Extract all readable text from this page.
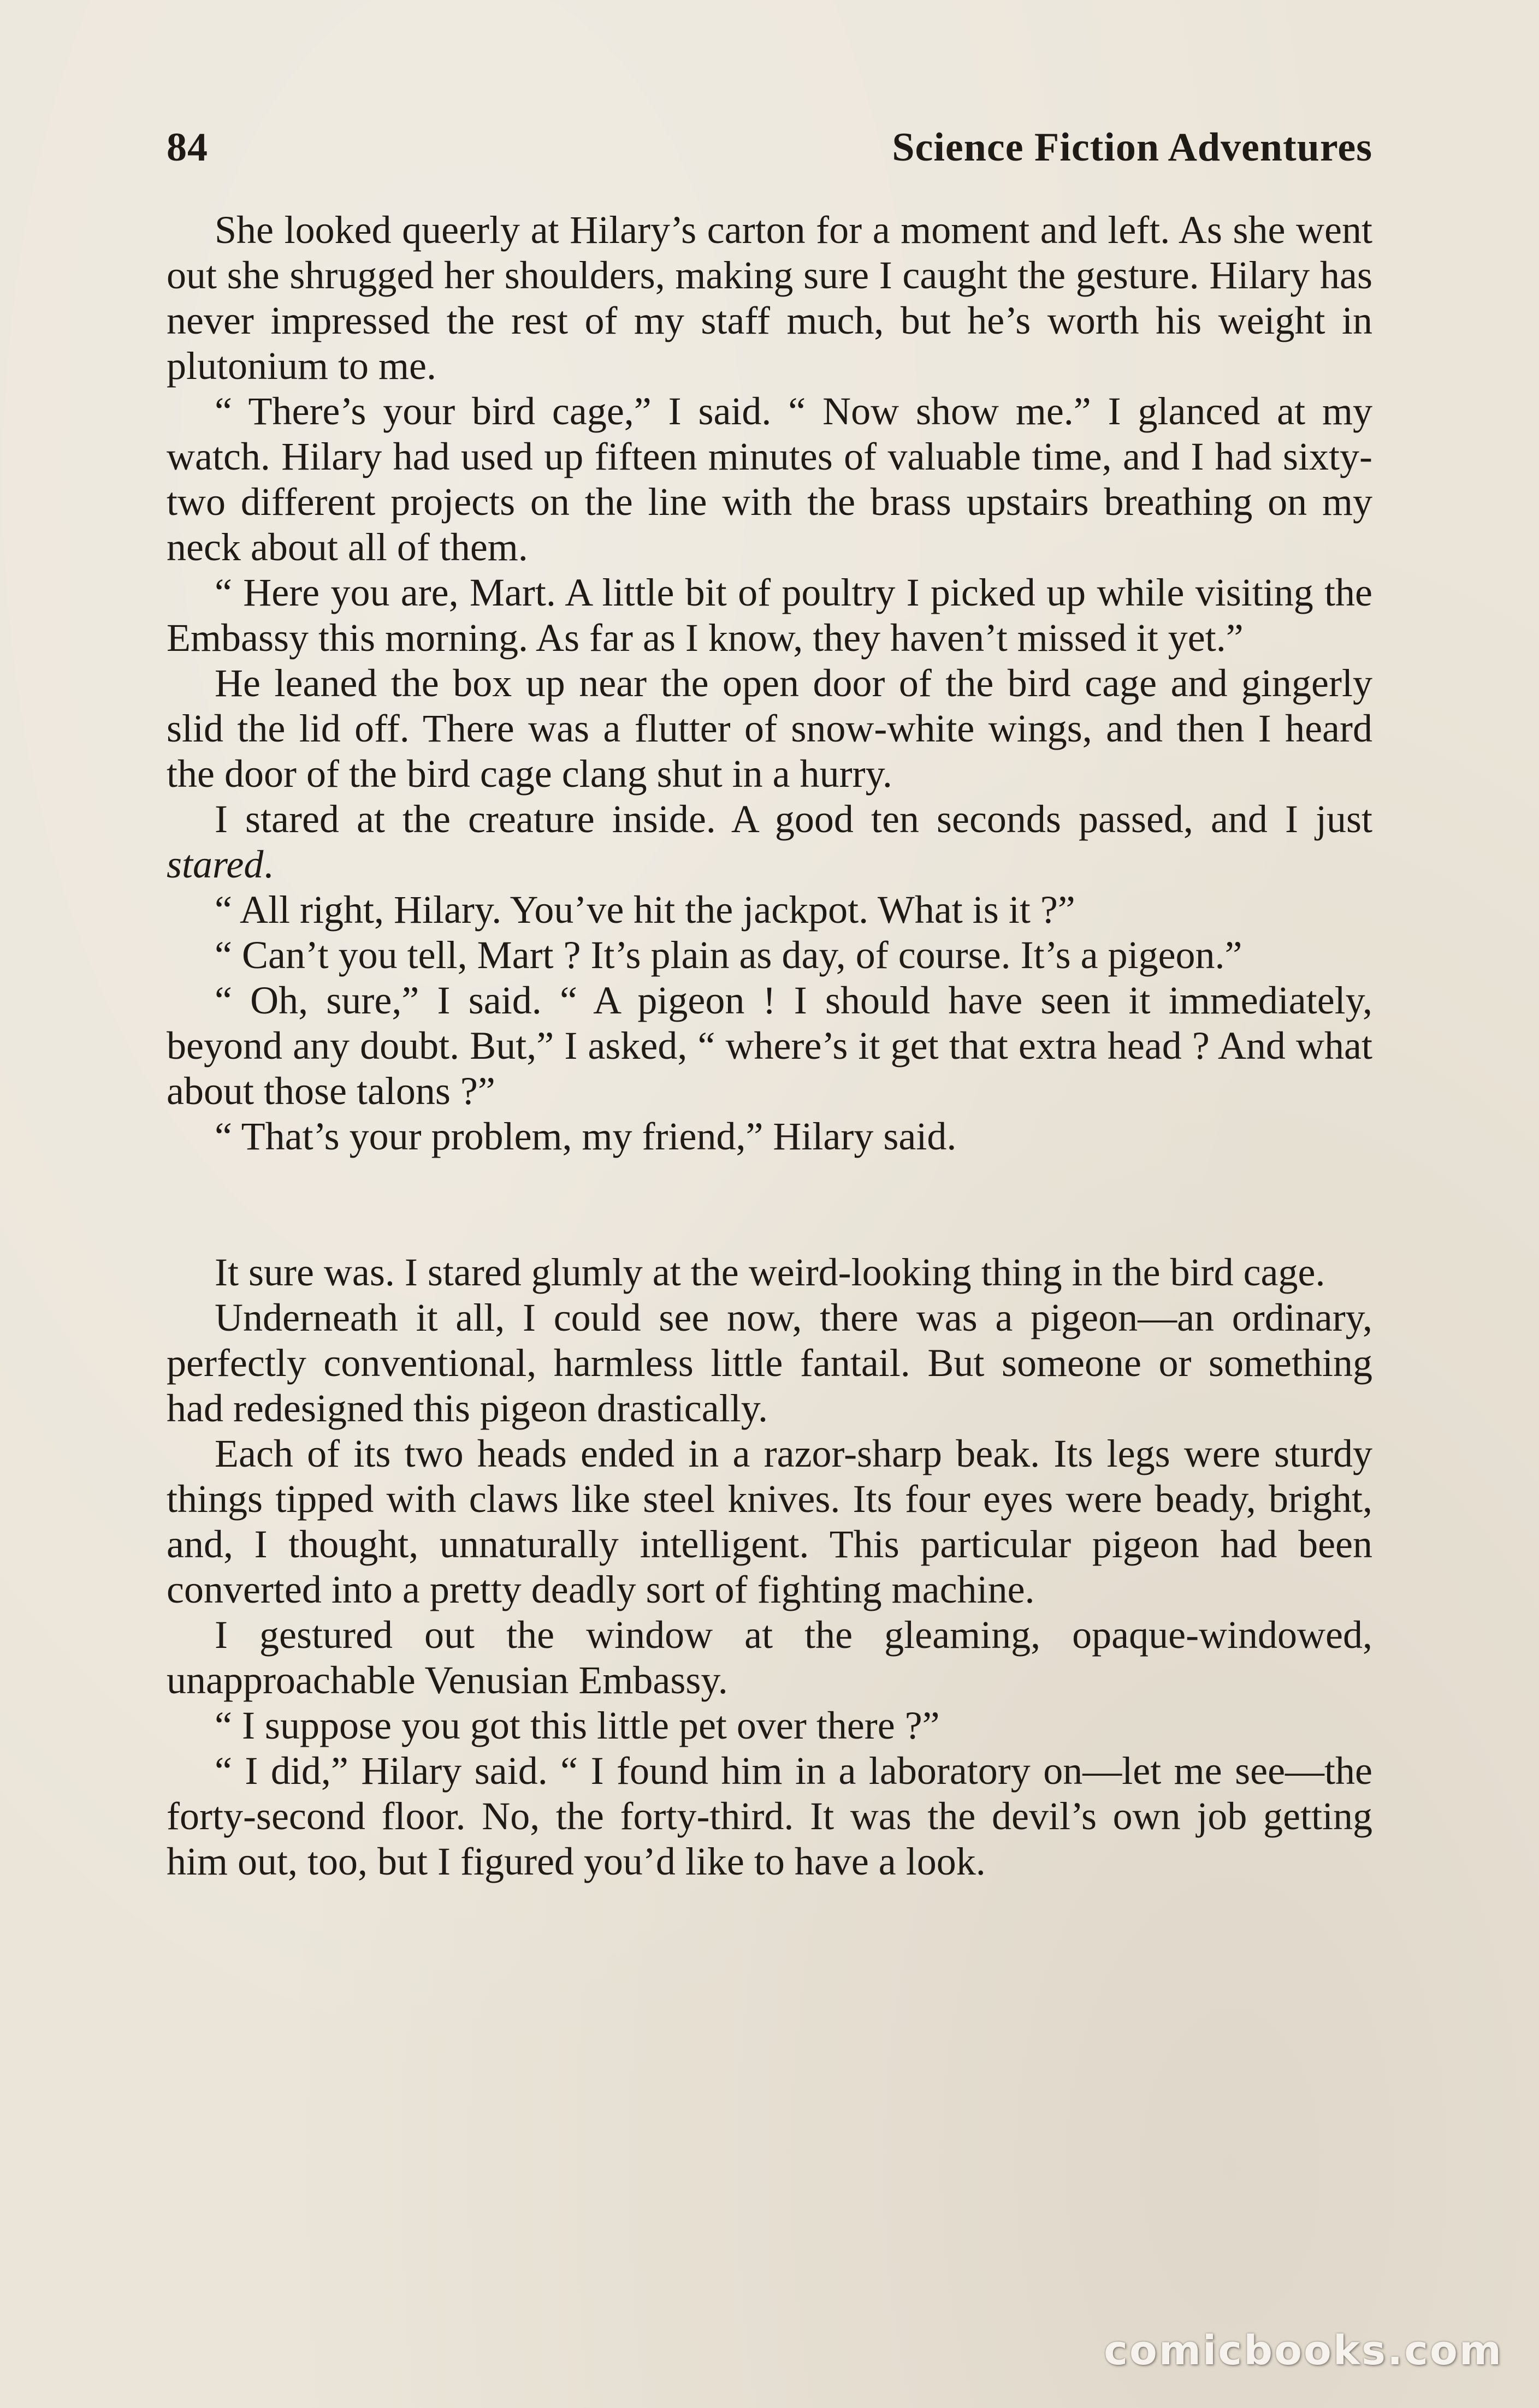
84	Science Fiction Adventures

She looked queerly at Hilary’s carton for a moment and left. As she went out she shrugged her shoulders, making sure I caught the gesture. Hilary has never impressed the rest of my staff much, but he’s worth his weight in plutonium to me.

“ There’s your bird cage,” I said. “ Now show me.” I glanced at my watch. Hilary had used up fifteen minutes of valuable time, and I had sixty-two different projects on the line with the brass upstairs breathing on my neck about all of them.

“ Here you are, Mart. A little bit of poultry I picked up while visiting the Embassy this morning. As far as I know, they haven’t missed it yet.”

He leaned the box up near the open door of the bird cage and gingerly slid the lid off. There was a flutter of snow-white wings, and then I heard the door of the bird cage clang shut in a hurry.

I stared at the creature inside. A good ten seconds passed, and I just stared.

“ All right, Hilary. You’ve hit the jackpot. What is it ?”

“ Can’t you tell, Mart ? It’s plain as day, of course. It’s a pigeon.”

“ Oh, sure,” I said. “ A pigeon ! I should have seen it immediately, beyond any doubt. But,” I asked, “ where’s it get that extra head ? And what about those talons ?”

“ That’s your problem, my friend,” Hilary said.

It sure was. I stared glumly at the weird-looking thing in the bird cage.

Underneath it all, I could see now, there was a pigeon—an ordinary, perfectly conventional, harmless little fantail. But someone or something had redesigned this pigeon drastically.

Each of its two heads ended in a razor-sharp beak. Its legs were sturdy things tipped with claws like steel knives. Its four eyes were beady, bright, and, I thought, unnaturally intelligent. This particular pigeon had been converted into a pretty deadly sort of fighting machine.

I gestured out the window at the gleaming, opaque-windowed, unapproachable Venusian Embassy.

“ I suppose you got this little pet over there ?”

“ I did,” Hilary said. “ I found him in a laboratory on—let me see—the forty-second floor. No, the forty-third. It was the devil’s own job getting him out, too, but I figured you’d like to have a look.

comicbooks.com
